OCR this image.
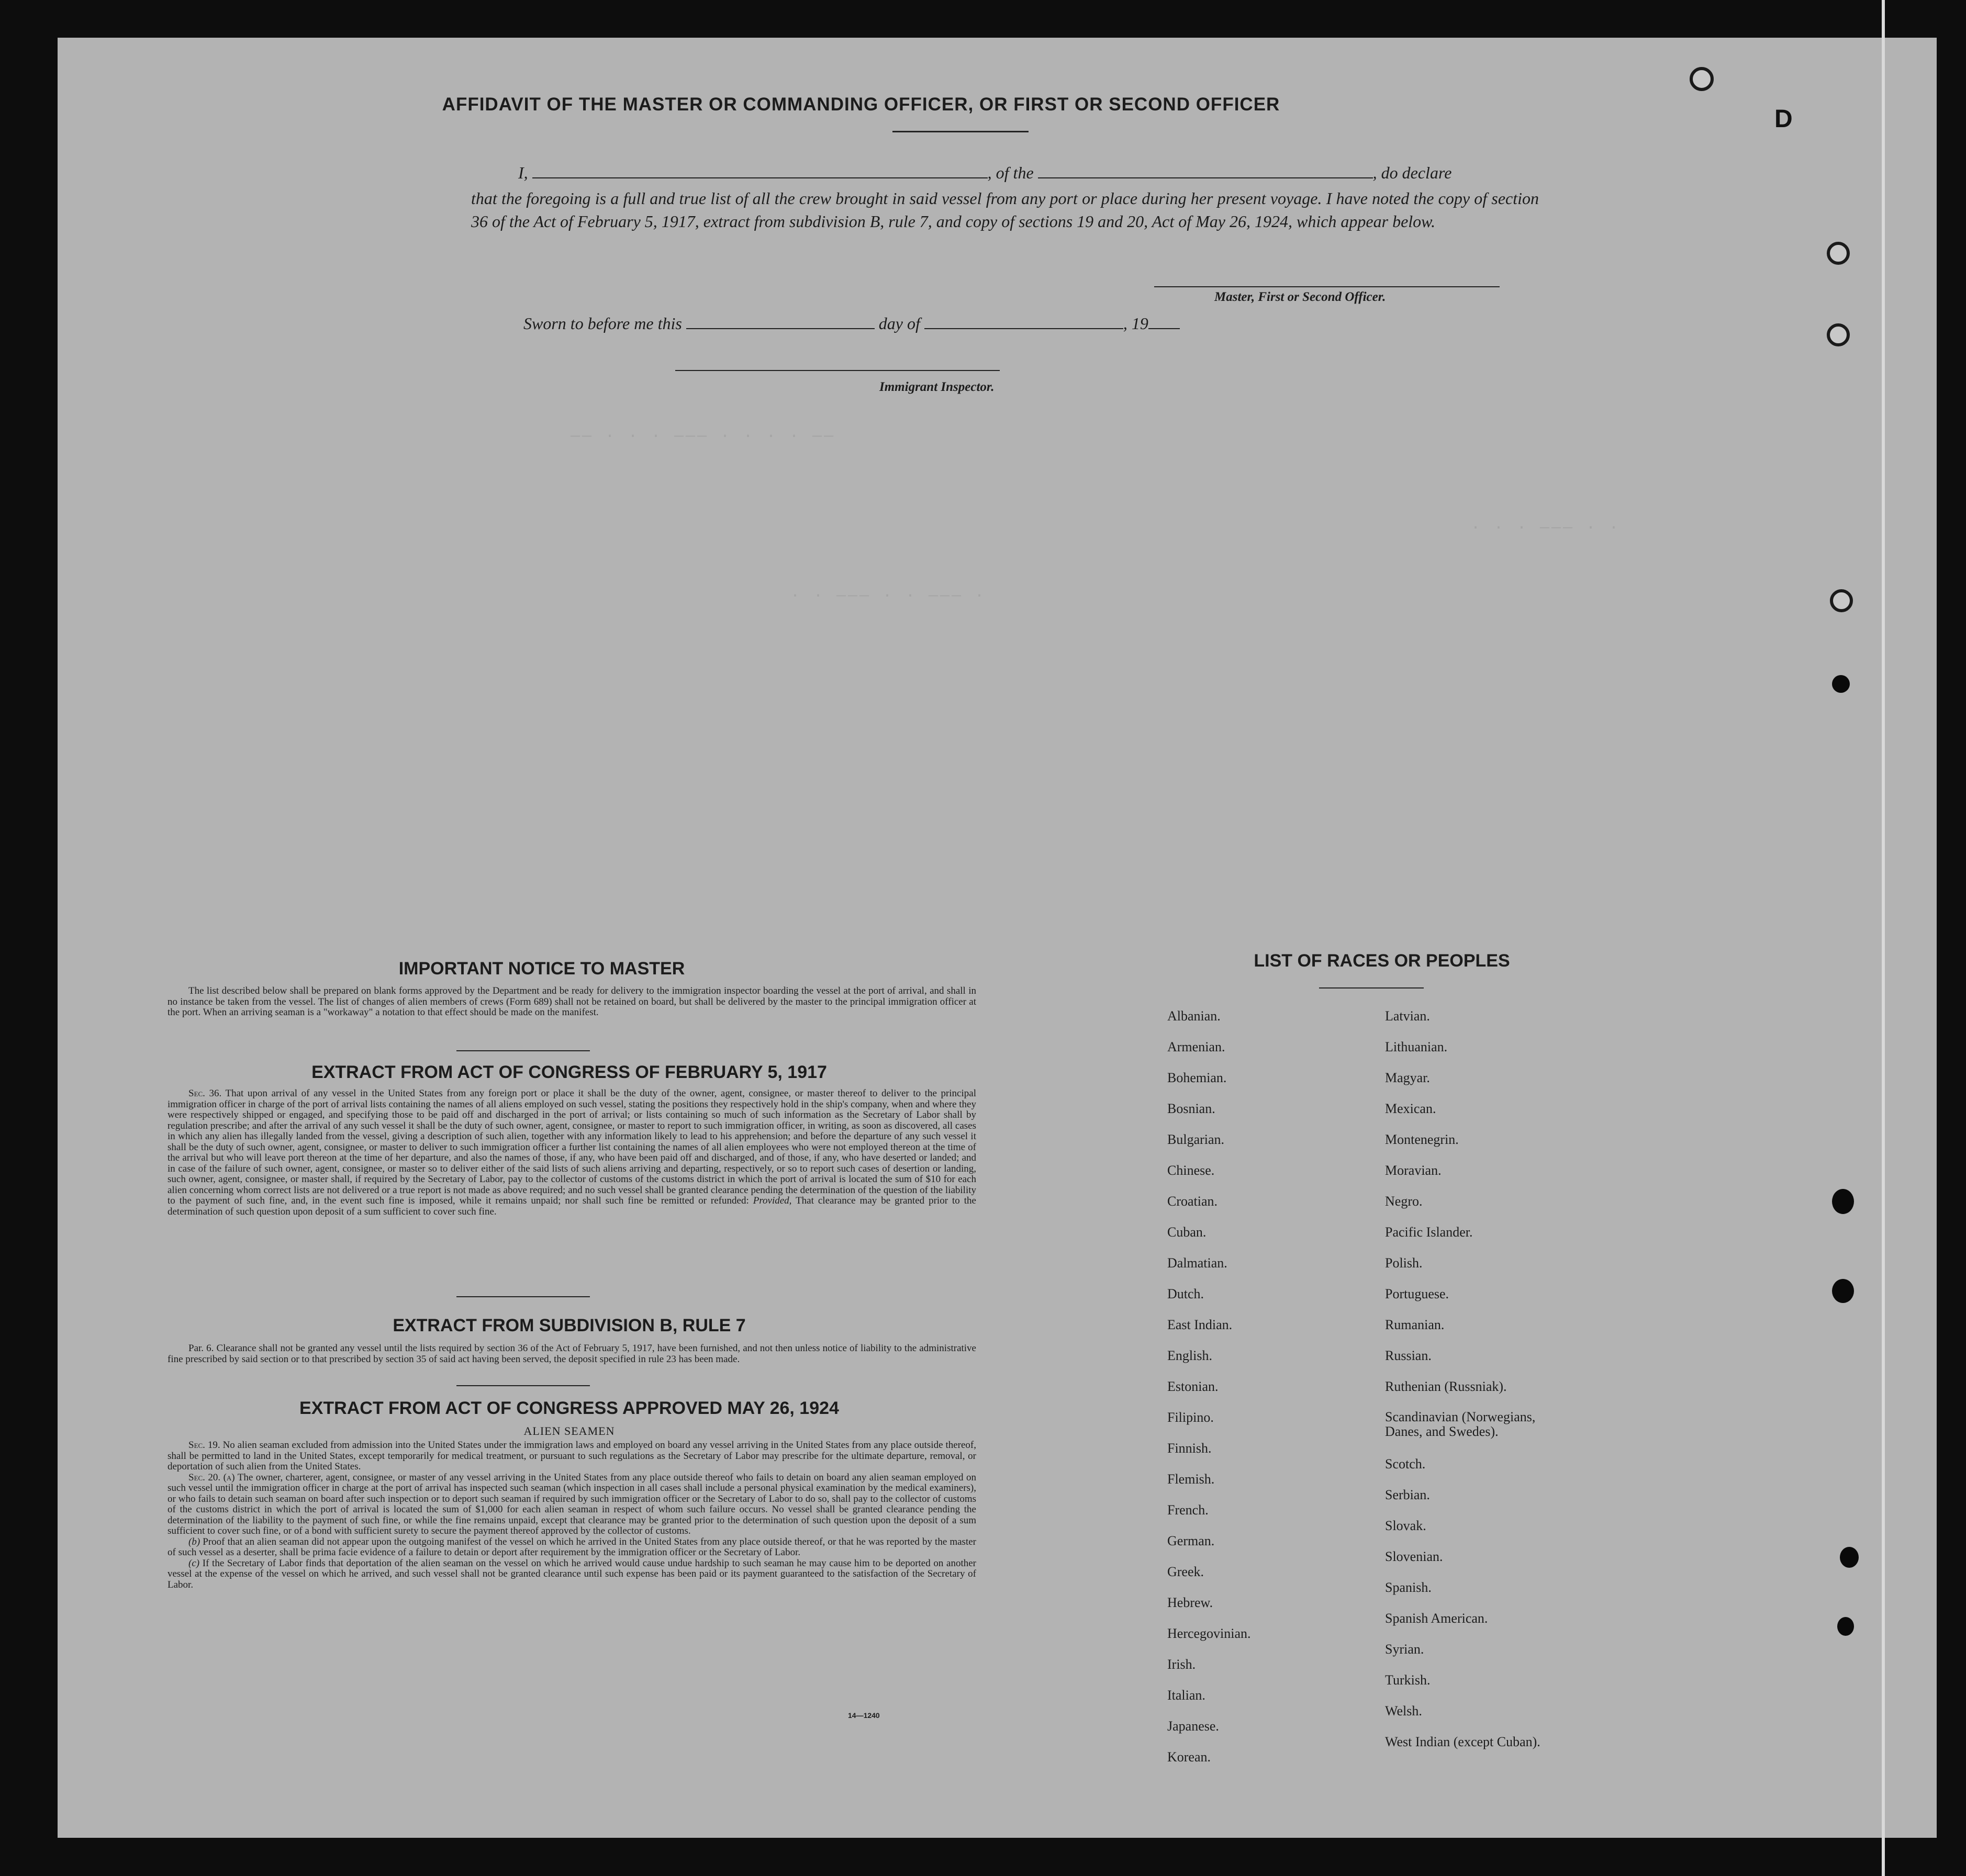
—— · · · ——— · · · · ——
· · ——— · · ——— ·
· · · ——— · ·
AFFIDAVIT OF THE MASTER OR COMMANDING OFFICER, OR FIRST OR SECOND OFFICER
I,	, of the	, do declare
that the foregoing is a full and true list of all the crew brought in said vessel from any port or place during her present voyage. I have noted the copy of section 36 of the Act of February 5, 1917, extract from subdivision B, rule 7, and copy of sections 19 and 20, Act of May 26, 1924, which appear below.
Master, First or Second Officer.
Sworn to before me this	day of	, 19
Immigrant Inspector.
IMPORTANT NOTICE TO MASTER
The list described below shall be prepared on blank forms approved by the Department and be ready for delivery to the immigration inspector boarding the vessel at the port of arrival, and shall in no instance be taken from the vessel. The list of changes of alien members of crews (Form 689) shall not be retained on board, but shall be delivered by the master to the principal immigration officer at the port. When an arriving seaman is a "workaway" a notation to that effect should be made on the manifest.
EXTRACT FROM ACT OF CONGRESS OF FEBRUARY 5, 1917

Sec. 36. That upon arrival of any vessel in the United States from any foreign port or place it shall be the duty of the owner, agent, consignee, or master thereof to deliver to the principal immigration officer in charge of the port of arrival lists containing the names of all aliens employed on such vessel, stating the positions they respectively hold in the ship's company, when and where they were respectively shipped or engaged, and specifying those to be paid off and discharged in the port of arrival; or lists containing so much of such information as the Secretary of Labor shall by regulation prescribe; and after the arrival of any such vessel it shall be the duty of such owner, agent, consignee, or master to report to such immigration officer, in writing, as soon as discovered, all cases in which any alien has illegally landed from the vessel, giving a description of such alien, together with any information likely to lead to his apprehension; and before the departure of any such vessel it shall be the duty of such owner, agent, consignee, or master to deliver to such immigration officer a further list containing the names of all alien employees who were not employed thereon at the time of the arrival but who will leave port thereon at the time of her departure, and also the names of those, if any, who have been paid off and discharged, and of those, if any, who have deserted or landed; and in case of the failure of such owner, agent, consignee, or master so to deliver either of the said lists of such aliens arriving and departing, respectively, or so to report such cases of desertion or landing, such owner, agent, consignee, or master shall, if required by the Secretary of Labor, pay to the collector of customs of the customs district in which the port of arrival is located the sum of $10 for each alien concerning whom correct lists are not delivered or a true report is not made as above required; and no such vessel shall be granted clearance pending the determination of the question of the liability to the payment of such fine, and, in the event such fine is imposed, while it remains unpaid; nor shall such fine be remitted or refunded: Provided, That clearance may be granted prior to the determination of such question upon deposit of a sum sufficient to cover such fine.

EXTRACT FROM SUBDIVISION B, RULE 7

Par. 6. Clearance shall not be granted any vessel until the lists required by section 36 of the Act of February 5, 1917, have been furnished, and not then unless notice of liability to the administrative fine prescribed by said section or to that prescribed by section 35 of said act having been served, the deposit specified in rule 23 has been made.

EXTRACT FROM ACT OF CONGRESS APPROVED MAY 26, 1924
ALIEN SEAMEN

Sec. 19. No alien seaman excluded from admission into the United States under the immigration laws and employed on board any vessel arriving in the United States from any place outside thereof, shall be permitted to land in the United States, except temporarily for medical treatment, or pursuant to such regulations as the Secretary of Labor may prescribe for the ultimate departure, removal, or deportation of such alien from the United States.

Sec. 20. (a) The owner, charterer, agent, consignee, or master of any vessel arriving in the United States from any place outside thereof who fails to detain on board any alien seaman employed on such vessel until the immigration officer in charge at the port of arrival has inspected such seaman (which inspection in all cases shall include a personal physical examination by the medical examiners), or who fails to detain such seaman on board after such inspection or to deport such seaman if required by such immigration officer or the Secretary of Labor to do so, shall pay to the collector of customs of the customs district in which the port of arrival is located the sum of $1,000 for each alien seaman in respect of whom such failure occurs. No vessel shall be granted clearance pending the determination of the liability to the payment of such fine, or while the fine remains unpaid, except that clearance may be granted prior to the determination of such question upon the deposit of a sum sufficient to cover such fine, or of a bond with sufficient surety to secure the payment thereof approved by the collector of customs.

(b) Proof that an alien seaman did not appear upon the outgoing manifest of the vessel on which he arrived in the United States from any place outside thereof, or that he was reported by the master of such vessel as a deserter, shall be prima facie evidence of a failure to detain or deport after requirement by the immigration officer or the Secretary of Labor.

(c) If the Secretary of Labor finds that deportation of the alien seaman on the vessel on which he arrived would cause undue hardship to such seaman he may cause him to be deported on another vessel at the expense of the vessel on which he arrived, and such vessel shall not be granted clearance until such expense has been paid or its payment guaranteed to the satisfaction of the Secretary of Labor.

14—1240
LIST OF RACES OR PEOPLES
Albanian.
Armenian.
Bohemian.
Bosnian.
Bulgarian.
Chinese.
Croatian.
Cuban.
Dalmatian.
Dutch.
East Indian.
English.
Estonian.
Filipino.
Finnish.
Flemish.
French.
German.
Greek.
Hebrew.
Hercegovinian.
Irish.
Italian.
Japanese.
Korean.
Latvian.
Lithuanian.
Magyar.
Mexican.
Montenegrin.
Moravian.
Negro.
Pacific Islander.
Polish.
Portuguese.
Rumanian.
Russian.
Ruthenian (Russniak).
Scandinavian (Norwegians, Danes, and Swedes).
Scotch.
Serbian.
Slovak.
Slovenian.
Spanish.
Spanish American.
Syrian.
Turkish.
Welsh.
West Indian (except Cuban).
D
